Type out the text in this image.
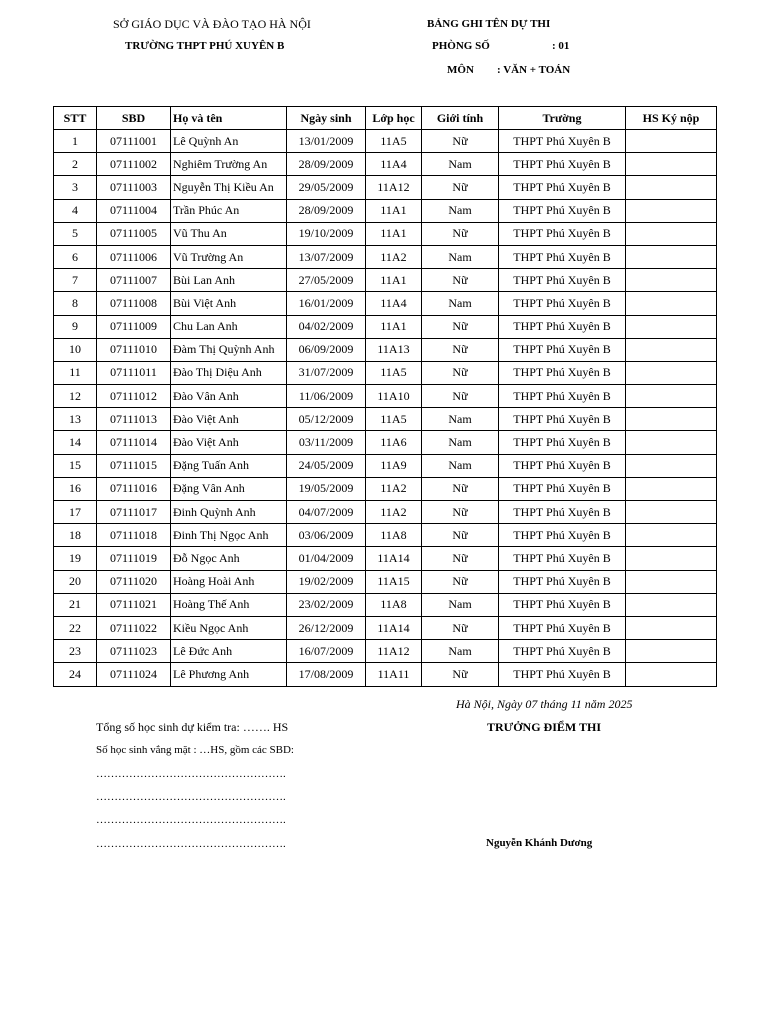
SỞ GIÁO DỤC VÀ ĐÀO TẠO HÀ NỘI
TRƯỜNG THPT PHÚ XUYÊN B
BẢNG GHI TÊN DỰ THI
PHÒNG SỐ	: 01
MÔN : VĂN + TOÁN
STT	SBD	Họ và tên	Ngày sinh	Lớp học	Giới tính	Trường	HS Ký nộp
1	07111001	Lê Quỳnh An	13/01/2009	11A5	Nữ	THPT Phú Xuyên B	
2	07111002	Nghiêm Trường An	28/09/2009	11A4	Nam	THPT Phú Xuyên B	
3	07111003	Nguyễn Thị Kiều An	29/05/2009	11A12	Nữ	THPT Phú Xuyên B	
4	07111004	Trần Phúc An	28/09/2009	11A1	Nam	THPT Phú Xuyên B	
5	07111005	Vũ Thu An	19/10/2009	11A1	Nữ	THPT Phú Xuyên B	
6	07111006	Vũ Trường An	13/07/2009	11A2	Nam	THPT Phú Xuyên B	
7	07111007	Bùi Lan Anh	27/05/2009	11A1	Nữ	THPT Phú Xuyên B	
8	07111008	Bùi Việt Anh	16/01/2009	11A4	Nam	THPT Phú Xuyên B	
9	07111009	Chu Lan Anh	04/02/2009	11A1	Nữ	THPT Phú Xuyên B	
10	07111010	Đàm Thị Quỳnh Anh	06/09/2009	11A13	Nữ	THPT Phú Xuyên B	
11	07111011	Đào Thị Diệu Anh	31/07/2009	11A5	Nữ	THPT Phú Xuyên B	
12	07111012	Đào Vân Anh	11/06/2009	11A10	Nữ	THPT Phú Xuyên B	
13	07111013	Đào Việt Anh	05/12/2009	11A5	Nam	THPT Phú Xuyên B	
14	07111014	Đào Việt Anh	03/11/2009	11A6	Nam	THPT Phú Xuyên B	
15	07111015	Đặng Tuấn Anh	24/05/2009	11A9	Nam	THPT Phú Xuyên B	
16	07111016	Đặng Vân Anh	19/05/2009	11A2	Nữ	THPT Phú Xuyên B	
17	07111017	Đinh Quỳnh Anh	04/07/2009	11A2	Nữ	THPT Phú Xuyên B	
18	07111018	Đinh Thị Ngọc Anh	03/06/2009	11A8	Nữ	THPT Phú Xuyên B	
19	07111019	Đỗ Ngọc Anh	01/04/2009	11A14	Nữ	THPT Phú Xuyên B	
20	07111020	Hoàng Hoài Anh	19/02/2009	11A15	Nữ	THPT Phú Xuyên B	
21	07111021	Hoàng Thế Anh	23/02/2009	11A8	Nam	THPT Phú Xuyên B	
22	07111022	Kiều Ngọc Anh	26/12/2009	11A14	Nữ	THPT Phú Xuyên B	
23	07111023	Lê Đức Anh	16/07/2009	11A12	Nam	THPT Phú Xuyên B	
24	07111024	Lê Phương Anh	17/08/2009	11A11	Nữ	THPT Phú Xuyên B	
Hà Nội, Ngày 07 tháng 11 năm 2025
Tổng số học sinh dự kiểm tra: ……. HS	TRƯỞNG ĐIỂM THI
Số học sinh vắng mặt : …HS, gồm các SBD:
…………………………………………….
…………………………………………….
…………………………………………….
…………………………………………….	Nguyễn Khánh Dương
